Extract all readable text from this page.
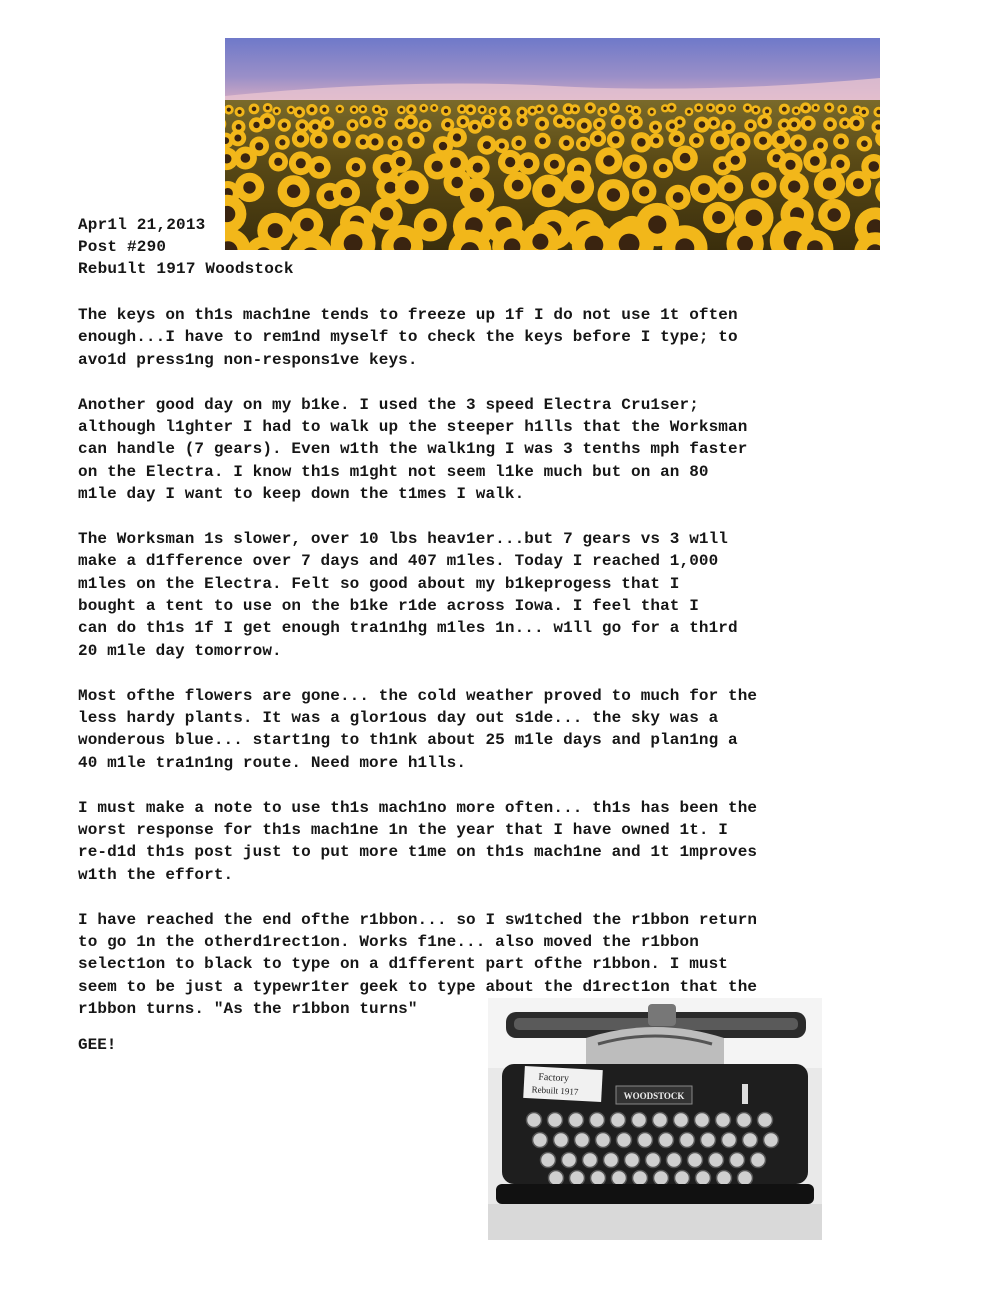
Apr1l 21,2013
Post #290
Rebu1lt 1917 Woodstock
The keys on th1s mach1ne tends to freeze up 1f I do not use 1t often
enough...I have to rem1nd myself to check the keys before I type; to
avo1d press1ng non-respons1ve keys.
Another good day on my b1ke. I used the 3 speed Electra Cru1ser;
although l1ghter I had to walk up the steeper h1lls that the Worksman
can handle (7 gears). Even w1th the walk1ng I was 3 tenths mph faster
on the Electra. I know th1s m1ght not seem l1ke much but on an 80
m1le day I want to keep down the t1mes I walk.
The Worksman 1s slower, over 10 lbs heav1er...but 7 gears vs 3 w1ll
make a d1fference over 7 days and 407 m1les. Today I reached 1,000
m1les on the Electra. Felt so good about my b1keprogess that I
bought a tent to use on the b1ke r1de across Iowa. I feel that I
can do th1s 1f I get enough tra1n1hg m1les 1n... w1ll go for a th1rd
20 m1le day tomorrow.
Most ofthe flowers are gone... the cold weather proved to much for the
less hardy plants. It was a glor1ous day out s1de... the sky was a
wonderous blue... start1ng to th1nk about 25 m1le days and plan1ng a
40 m1le tra1n1ng route. Need more h1lls.
I must make a note to use th1s mach1no more often... th1s has been the
worst response for th1s mach1ne 1n the year that I have owned 1t. I
re-d1d th1s post just to put more t1me on th1s mach1ne and 1t 1mproves
w1th the effort.
I have reached the end ofthe r1bbon... so I sw1tched the r1bbon return
to go 1n the otherd1rect1on. Works f1ne... also moved the r1bbon
select1on to black to type on a d1fferent part ofthe r1bbon. I must
seem to be just a typewr1ter geek to type about the d1rect1on that the
r1bbon turns. "As the r1bbon turns"
GEE!
Factory
Rebuilt 1917	WOODSTOCK
